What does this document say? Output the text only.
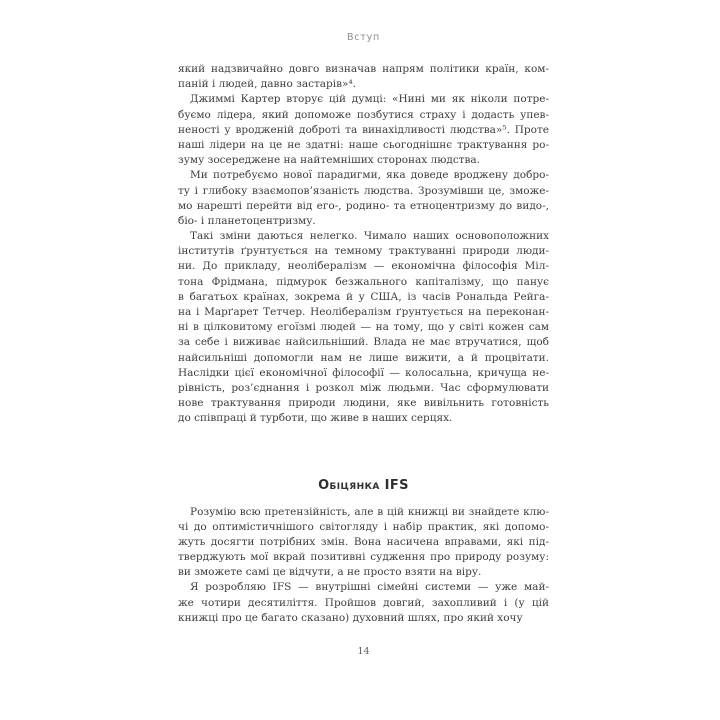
Вступ
який надзвичайно довго визначав напрям політики країн, ком-
паній і людей, давно застарів»⁴.
Джиммі Картер вторує цій думці: «Нині ми як ніколи потре-
буємо лідера, який допоможе позбутися страху і додасть упев-
неності у вродженій доброті та винахідливості людства»⁵. Проте
наші лідери на це не здатні: наше сьогоднішнє трактування ро-
зуму зосереджене на найтемніших сторонах людства.
Ми потребуємо нової парадигми, яка доведе вроджену добро-
ту і глибоку взаємопов’язаність людства. Зрозумівши це, зможе-
мо нарешті перейти від его-, родино- та етноцентризму до видо-,
біо- і планетоцентризму.
Такі зміни даються нелегко. Чимало наших основоположних
інститутів ґрунтується на темному трактуванні природи люди-
ни. До прикладу, неолібералізм — економічна філософія Міл-
тона Фрідмана, підмурок безжального капіталізму, що панує
в багатьох країнах, зокрема й у США, із часів Рональда Рейга-
на і Марґарет Тетчер. Неолібералізм ґрунтується на переконан-
ні в цілковитому егоїзмі людей — на тому, що у світі кожен сам
за себе і виживає найсильніший. Влада не має втручатися, щоб
найсильніші допомогли нам не лише вижити, а й процвітати.
Наслідки цієї економічної філософії — колосальна, кричуща не-
рівність, роз’єднання і розкол між людьми. Час сформулювати
нове трактування природи людини, яке вивільнить готовність
до співпраці й турботи, що живе в наших серцях.
Обіцянка IFS
Розумію всю претензійність, але в цій книжці ви знайдете клю-
чі до оптимістичнішого світогляду і набір практик, які допомо-
жуть досягти потрібних змін. Вона насичена вправами, які під-
тверджують мої вкрай позитивні судження про природу розуму:
ви зможете самі це відчути, а не просто взяти на віру.
Я розробляю IFS — внутрішні сімейні системи — уже май-
же чотири десятиліття. Пройшов довгий, захопливий і (у цій
книжці про це багато сказано) духовний шлях, про який хочу
14
